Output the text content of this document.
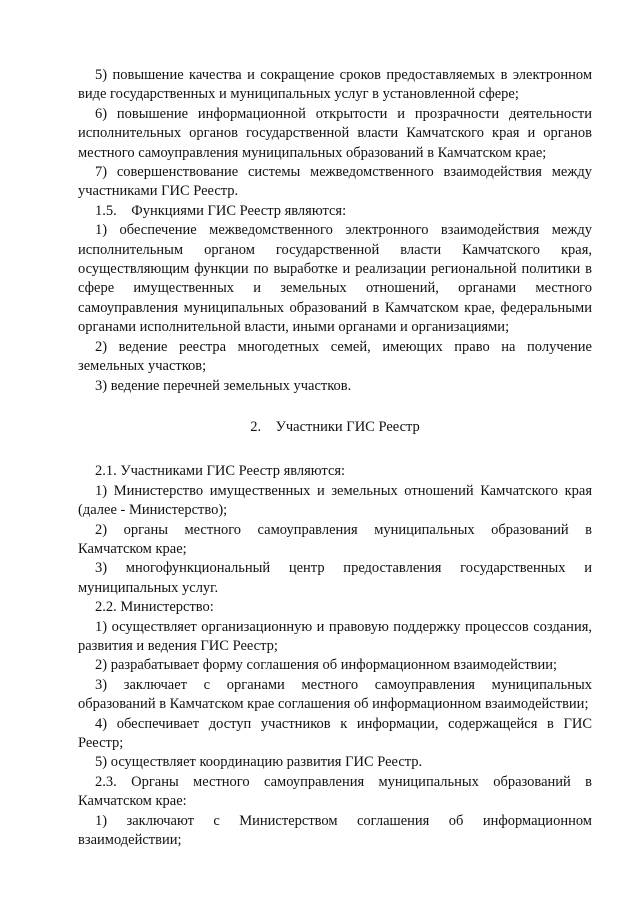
5) повышение качества и сокращение сроков предоставляемых в электронном виде государственных и муниципальных услуг в установленной сфере;

6) повышение информационной открытости и прозрачности деятельности исполнительных органов государственной власти Камчатского края и органов местного самоуправления муниципальных образований в Камчатском крае;

7) совершенствование системы межведомственного взаимодействия между участниками ГИС Реестр.

1.5.    Функциями ГИС Реестр являются:

1) обеспечение межведомственного электронного взаимодействия между исполнительным органом государственной власти Камчатского края, осуществляющим функции по выработке и реализации региональной политики в сфере имущественных и земельных отношений, органами местного самоуправления муниципальных образований в Камчатском крае, федеральными органами исполнительной власти, иными органами и организациями;

2) ведение реестра многодетных семей, имеющих право на получение земельных участков;

3) ведение перечней земельных участков.

2.    Участники ГИС Реестр

2.1. Участниками ГИС Реестр являются:

1) Министерство имущественных и земельных отношений Камчатского края (далее - Министерство);

2) органы местного самоуправления муниципальных образований в Камчатском крае;

3) многофункциональный центр предоставления государственных и муниципальных услуг.

2.2. Министерство:

1) осуществляет организационную и правовую поддержку процессов создания, развития и ведения ГИС Реестр;

2) разрабатывает форму соглашения об информационном взаимодействии;

3) заключает с органами местного самоуправления муниципальных образований в Камчатском крае соглашения об информационном взаимодействии;

4) обеспечивает доступ участников к информации, содержащейся в ГИС Реестр;

5) осуществляет координацию развития ГИС Реестр.

2.3. Органы местного самоуправления муниципальных образований в Камчатском крае:

1) заключают с Министерством соглашения об информационном взаимодействии;
